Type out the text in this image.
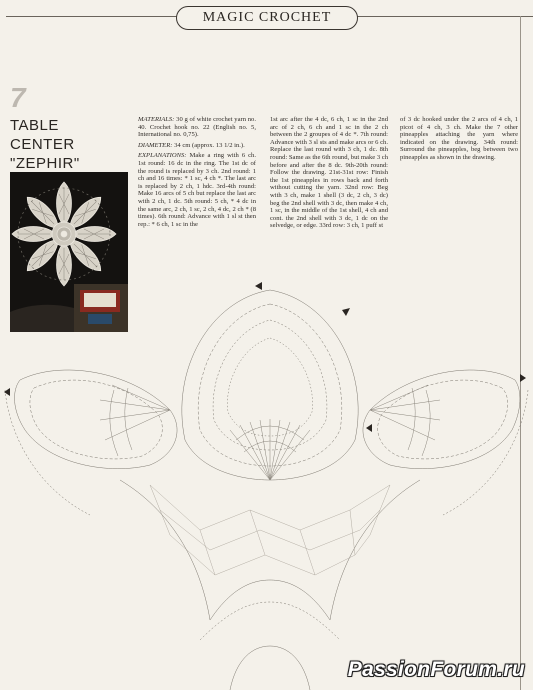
MAGIC CROCHET
7
TABLE
CENTER
"ZEPHIR"

MATERIALS: 30 g of white crochet yarn no. 40. Crochet hook no. 22 (English no. 5, International no. 0,75).

DIAMETER: 34 cm (approx. 13 1/2 in.).

EXPLANATIONS: Make a ring with 6 ch. 1st round: 16 dc in the ring. The 1st dc of the round is replaced by 3 ch. 2nd round: 1 ch and 16 times: * 1 sc, 4 ch *. The last arc is replaced by 2 ch, 1 hdc. 3rd-4th round: Make 16 arcs of 5 ch but replace the last arc with 2 ch, 1 dc. 5th round: 5 ch, * 4 dc in the same arc, 2 ch, 1 sc, 2 ch, 4 dc, 2 ch * (8 times). 6th round: Advance with 1 sl st then rep.: * 6 ch, 1 sc in the

1st arc after the 4 dc, 6 ch, 1 sc in the 2nd arc of 2 ch, 6 ch and 1 sc in the 2 ch between the 2 groupes of 4 dc *. 7th round: Advance with 3 sl sts and make arcs or 6 ch. Replace the last round with 3 ch, 1 dc. 8th round: Same as the 6th round, but make 3 ch before and after the 8 dc. 9th-20th round: Follow the drawing. 21st-31st row: Finish the 1st pineapples in rows back and forth without cutting the yarn. 32nd row: Beg with 3 ch, make 1 shell (3 dc, 2 ch, 3 dc) beg the 2nd shell with 3 dc, then make 4 ch, 1 sc, in the middle of the 1st shell, 4 ch and cont. the 2nd shell with 3 dc, 1 dc on the selvedge, or edge. 33rd row: 3 ch, 1 puff st

of 3 dc hooked under the 2 arcs of 4 ch, 1 picot of 4 ch, 3 ch. Make the 7 other pineapples attaching the yarn where indicated on the drawing. 34th round: Surround the pineapples, beg between two pineapples as shown in the drawing.

PassionForum.ru
